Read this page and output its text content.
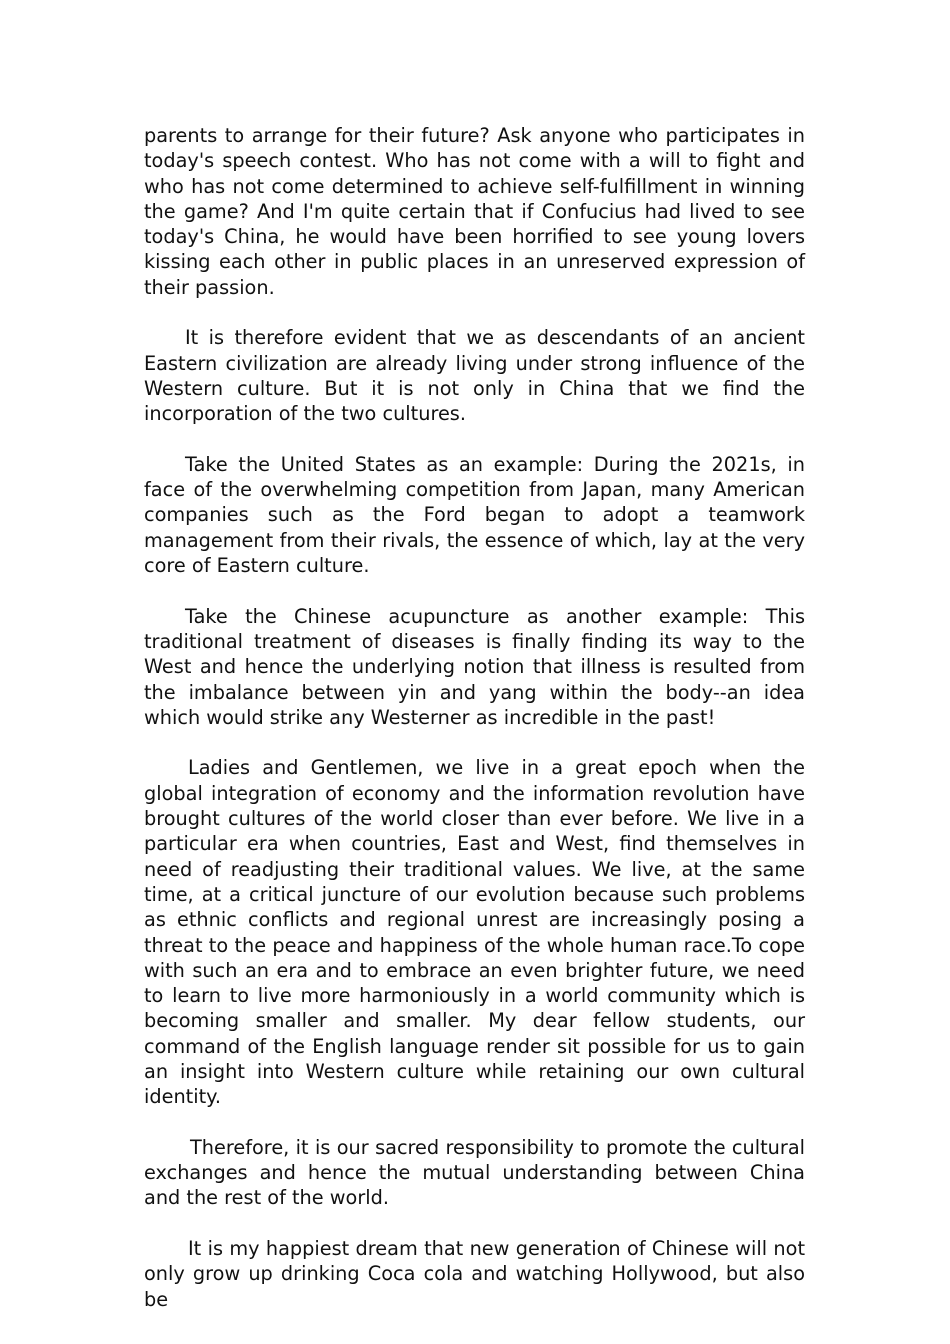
parents to arrange for their future? Ask anyone who participates in today's speech contest. Who has not come with a will to fight and who has not come determined to achieve self-fulfillment in winning the game? And I'm quite certain that if Confucius had lived to see today's China, he would have been horrified to see young lovers kissing each other in public places in an unreserved expression of their passion.

It is therefore evident that we as descendants of an ancient Eastern civilization are already living under strong influence of the Western culture. But it is not only in China that we find the incorporation of the two cultures.

Take the United States as an example: During the 2021s, in face of the overwhelming competition from Japan, many American companies such as the Ford began to adopt a teamwork management from their rivals, the essence of which, lay at the very core of Eastern culture.

Take the Chinese acupuncture as another example: This traditional treatment of diseases is finally finding its way to the West and hence the underlying notion that illness is resulted from the imbalance between yin and yang within the body--an idea which would strike any Westerner as incredible in the past!

Ladies and Gentlemen, we live in a great epoch when the global integration of economy and the information revolution have brought cultures of the world closer than ever before. We live in a particular era when countries, East and West, find themselves in need of readjusting their traditional values. We live, at the same time, at a critical juncture of our evolution because such problems as ethnic conflicts and regional unrest are increasingly posing a threat to the peace and happiness of the whole human race.To cope with such an era and to embrace an even brighter future, we need to learn to live more harmoniously in a world community which is becoming smaller and smaller. My dear fellow students, our command of the English language render sit possible for us to gain an insight into Western culture while retaining our own cultural identity.

Therefore, it is our sacred responsibility to promote the cultural exchanges and hence the mutual understanding between China and the rest of the world.

It is my happiest dream that new generation of Chinese will not only grow up drinking Coca cola and watching Hollywood, but also be
